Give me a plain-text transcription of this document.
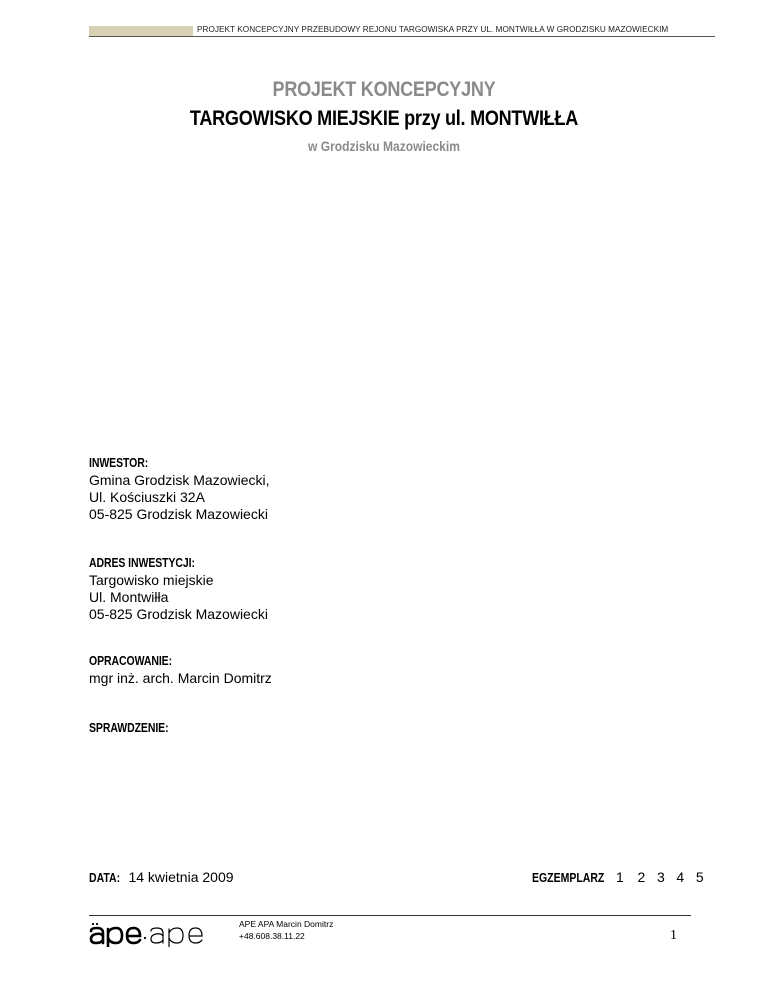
PROJEKT KONCEPCYJNY PRZEBUDOWY REJONU TARGOWISKA PRZY UL. MONTWIŁŁA W GRODZISKU MAZOWIECKIM
PROJEKT KONCEPCYJNY
TARGOWISKO MIEJSKIE przy ul. MONTWIŁŁA
w Grodzisku Mazowieckim
INWESTOR:
Gmina Grodzisk Mazowiecki,
Ul. Kościuszki 32A
05-825 Grodzisk Mazowiecki
ADRES INWESTYCJI:
Targowisko miejskie
Ul. Montwiłła
05-825 Grodzisk Mazowiecki
OPRACOWANIE:
mgr inż. arch. Marcin Domitrz
SPRAWDZENIE:
DATA: 14 kwietnia 2009	EGZEMPLARZ 1 2 3 4 5
APE APA Marcin Domitrz
+48.608.38.11.22	1
